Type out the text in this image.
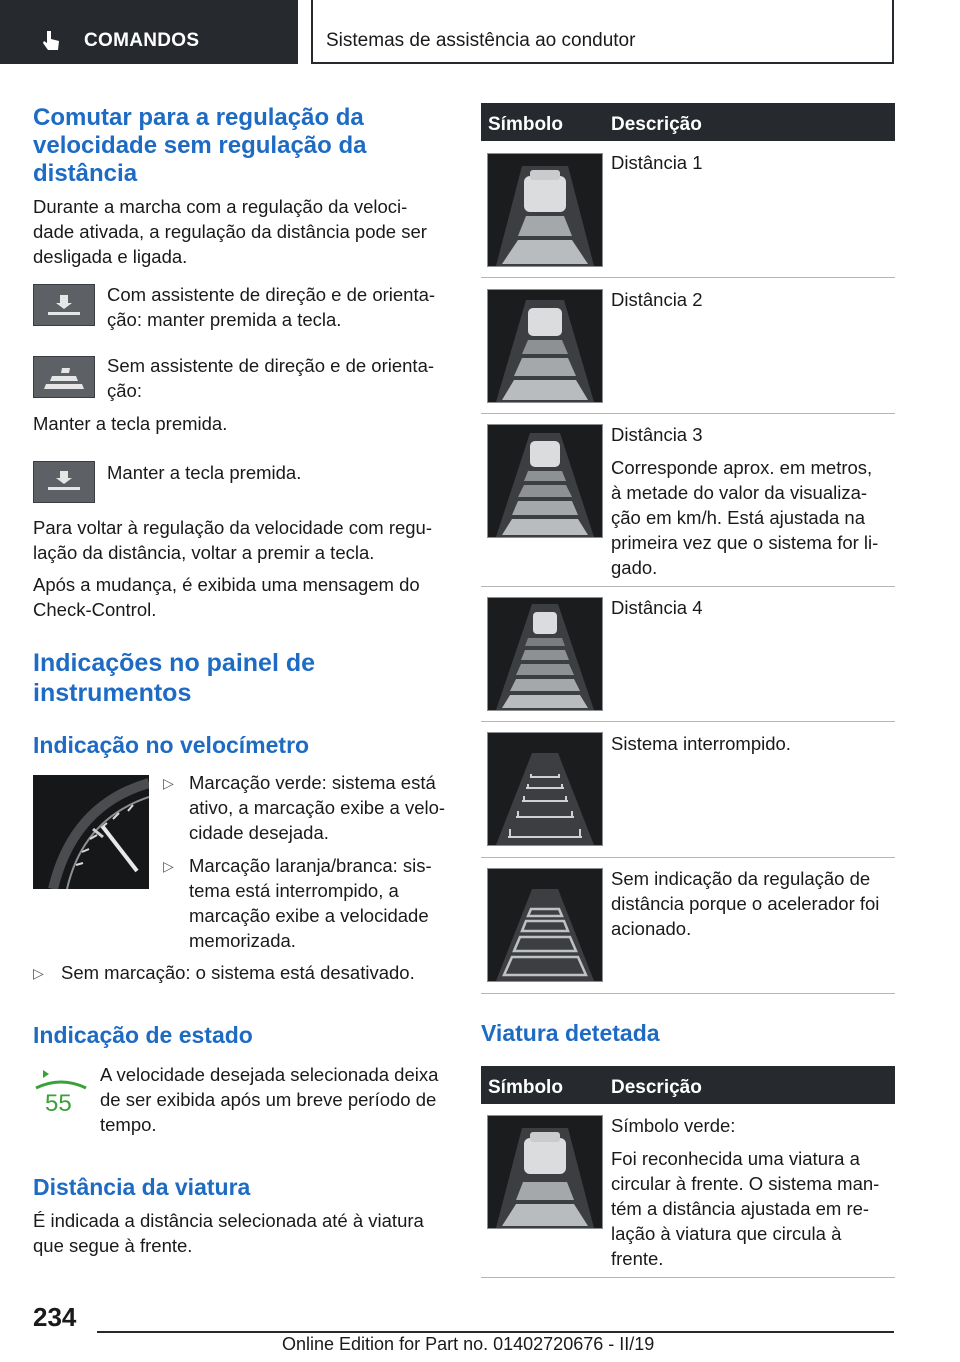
COMANDOS	Sistemas de assistência ao condutor
Comutar para a regulação da
velocidade sem regulação da
distância
Durante a marcha com a regulação da veloci-
dade ativada, a regulação da distância pode ser
desligada e ligada.
Com assistente de direção e de orienta-
ção: manter premida a tecla.
Sem assistente de direção e de orienta-
ção:
Manter a tecla premida.
Manter a tecla premida.
Para voltar à regulação da velocidade com regu-
lação da distância, voltar a premir a tecla.
Após a mudança, é exibida uma mensagem do
Check-Control.
Indicações no painel de
instrumentos
Indicação no velocímetro
▷ Marcação verde: sistema está
ativo, a marcação exibe a velo-
cidade desejada.
▷ Marcação laranja/branca: sis-
tema está interrompido, a
marcação exibe a velocidade
memorizada.
▷ Sem marcação: o sistema está desativado.
Indicação de estado
55
A velocidade desejada selecionada deixa
de ser exibida após um breve período de
tempo.
Distância da viatura
É indicada a distância selecionada até à viatura
que segue à frente.
Símbolo	Descrição
Distância 1
Distância 2
Distância 3
Corresponde aprox. em metros,
à metade do valor da visualiza-
ção em km/h. Está ajustada na
primeira vez que o sistema for li-
gado.
Distância 4
Sistema interrompido.
Sem indicação da regulação de
distância porque o acelerador foi
acionado.
Viatura detetada
Símbolo	Descrição
Símbolo verde:
Foi reconhecida uma viatura a
circular à frente. O sistema man-
tém a distância ajustada em re-
lação à viatura que circula à
frente.
234
Online Edition for Part no. 01402720676 - II/19
